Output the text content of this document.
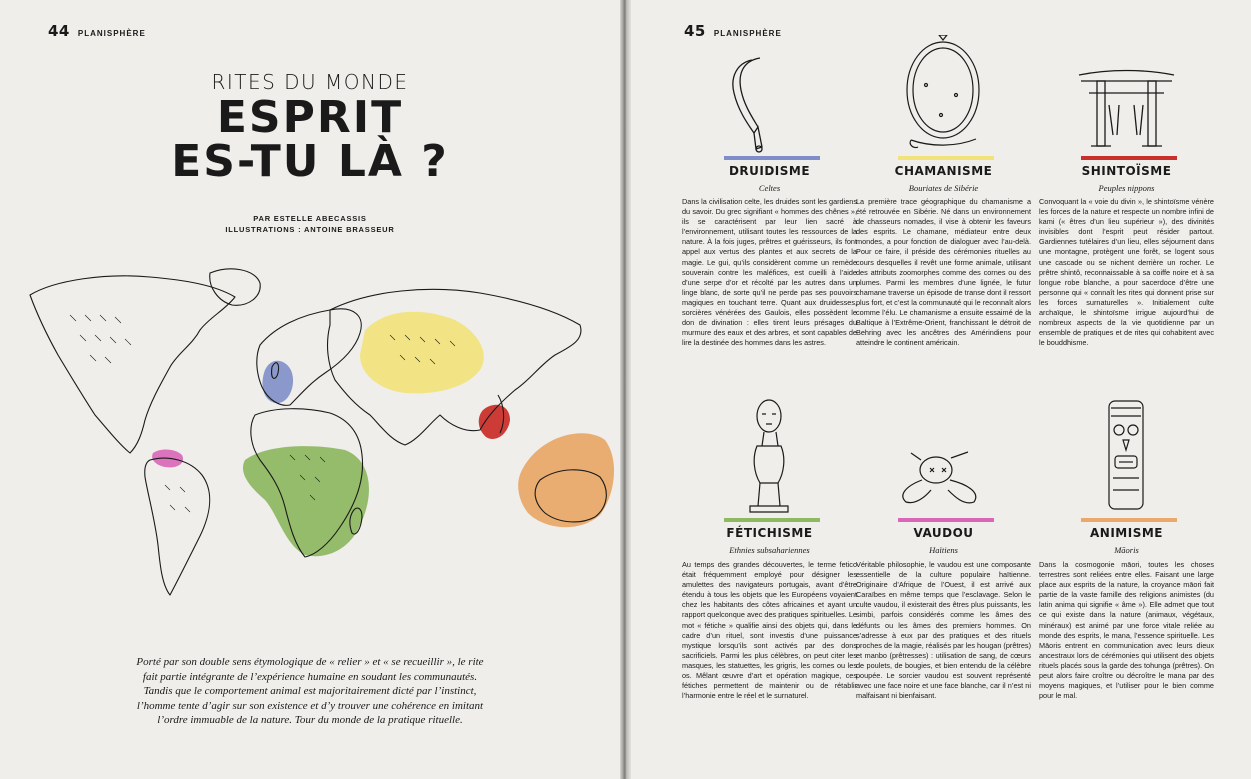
44 PLANISPHÈRE
RITES DU MONDE
ESPRIT
ES-TU LÀ ?
PAR ESTELLE ABECASSIS
ILLUSTRATIONS : ANTOINE BRASSEUR
Porté par son double sens étymologique de « relier » et « se recueillir », le rite fait partie intégrante de l’expérience humaine en soudant les communautés. Tandis que le comportement animal est majoritairement dicté par l’instinct, l’homme tente d’agir sur son existence et d’y trouver une cohérence en imitant l’ordre immuable de la nature. Tour du monde de la pratique rituelle.
45 PLANISPHÈRE
DRUIDISME
Celtes
Dans la civilisation celte, les druides sont les gardiens du savoir. Du grec signifiant « hommes des chênes », ils se caractérisent par leur lien sacré à l’environnement, utilisant toutes les ressources de la nature. À la fois juges, prêtres et guérisseurs, ils font appel aux vertus des plantes et aux secrets de la magie. Le gui, qu’ils considèrent comme un remède souverain contre les maléfices, est cueilli à l’aide d’une serpe d’or et récolté par les autres dans un linge blanc, de sorte qu’il ne perde pas ses pouvoirs magiques en touchant terre. Quant aux druidesses, sorcières vénérées des Gaulois, elles possèdent le don de divination : elles tirent leurs présages du murmure des eaux et des arbres, et sont capables de lire la destinée des hommes dans les astres.
CHAMANISME
Bouriates de Sibérie
La première trace géographique du chamanisme a été retrouvée en Sibérie. Né dans un environnement de chasseurs nomades, il vise à obtenir les faveurs des esprits. Le chamane, médiateur entre deux mondes, a pour fonction de dialoguer avec l’au-delà. Pour ce faire, il préside des cérémonies rituelles au cours desquelles il revêt une forme animale, utilisant des attributs zoomorphes comme des cornes ou des plumes. Parmi les membres d’une lignée, le futur chamane traverse un épisode de transe dont il ressort plus fort, et c’est la communauté qui le reconnaît alors comme l’élu. Le chamanisme a ensuite essaimé de la Baltique à l’Extrême-Orient, franchissant le détroit de Behring avec les ancêtres des Amérindiens pour atteindre le continent américain.
SHINTOÏSME
Peuples nippons
Convoquant la « voie du divin », le shintoïsme vénère les forces de la nature et respecte un nombre infini de kami (« êtres d’un lieu supérieur »), des divinités invisibles dont l’esprit peut résider partout. Gardiennes tutélaires d’un lieu, elles séjournent dans une montagne, protègent une forêt, se logent sous une cascade ou se nichent derrière un rocher. Le prêtre shintô, reconnaissable à sa coiffe noire et à sa longue robe blanche, a pour sacerdoce d’être une personne qui « connaît les rites qui donnent prise sur les forces surnaturelles ». Initialement culte archaïque, le shintoïsme irrigue aujourd’hui de nombreux aspects de la vie quotidienne par un ensemble de pratiques et de rites qui cohabitent avec le bouddhisme.
FÉTICHISME
Ethnies subsahariennes
Au temps des grandes découvertes, le terme fetico était fréquemment employé pour désigner les amulettes des navigateurs portugais, avant d’être étendu à tous les objets que les Européens voyaient chez les habitants des côtes africaines et ayant un rapport quelconque avec des pratiques spirituelles. Le mot « fétiche » qualifie ainsi des objets qui, dans le cadre d’un rituel, sont investis d’une puissance mystique lorsqu’ils sont activés par des dons sacrificiels. Parmi les plus célèbres, on peut citer les masques, les statuettes, les grigris, les cornes ou les os. Mêlant œuvre d’art et opération magique, ces fétiches permettent de maintenir ou de rétablir l’harmonie entre le réel et le surnaturel.
VAUDOU
Haïtiens
Véritable philosophie, le vaudou est une composante essentielle de la culture populaire haïtienne. Originaire d’Afrique de l’Ouest, il est arrivé aux Caraïbes en même temps que l’esclavage. Selon le culte vaudou, il existerait des êtres plus puissants, les simbi, parfois considérés comme les âmes des défunts ou les âmes des premiers hommes. On s’adresse à eux par des pratiques et des rituels proches de la magie, réalisés par les hougan (prêtres) et manbo (prêtresses) : utilisation de sang, de cœurs de poulets, de bougies, et bien entendu de la célèbre poupée. Le sorcier vaudou est souvent représenté avec une face noire et une face blanche, car il n’est ni malfaisant ni bienfaisant.
ANIMISME
Māoris
Dans la cosmogonie māori, toutes les choses terrestres sont reliées entre elles. Faisant une large place aux esprits de la nature, la croyance māori fait partie de la vaste famille des religions animistes (du latin anima qui signifie « âme »). Elle admet que tout ce qui existe dans la nature (animaux, végétaux, minéraux) est animé par une force vitale reliée au monde des esprits, le mana, l’essence spirituelle. Les Māoris entrent en communication avec leurs dieux ancestraux lors de cérémonies qui utilisent des objets rituels placés sous la garde des tohunga (prêtres). On peut alors faire croître ou décroître le mana par des moyens magiques, et l’utiliser pour le bien comme pour le mal.
